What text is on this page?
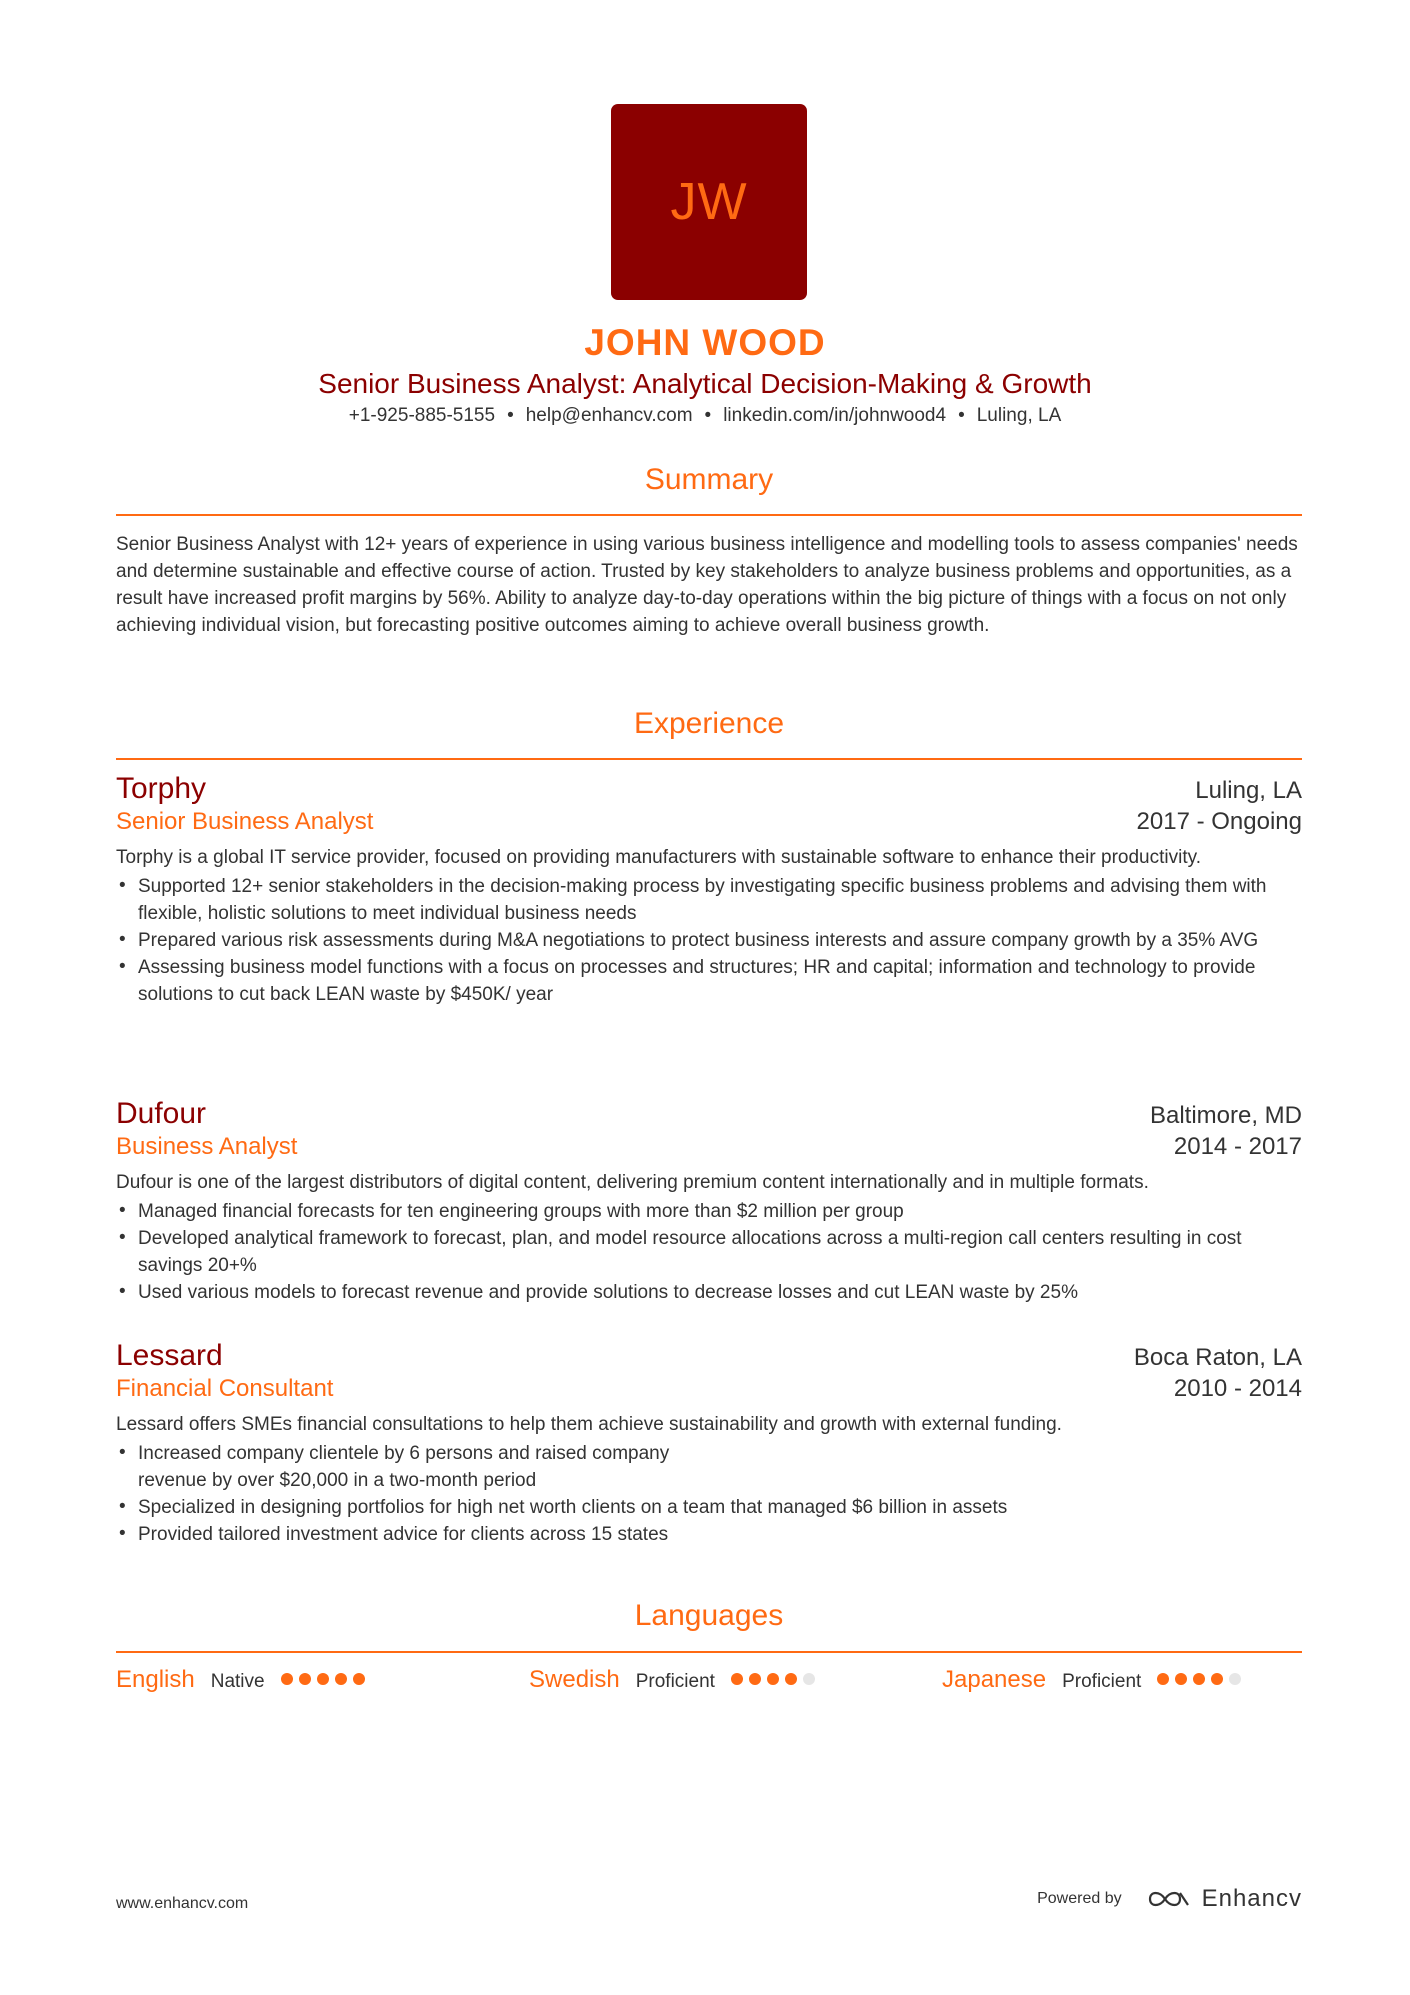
JW
JOHN WOOD
Senior Business Analyst: Analytical Decision-Making & Growth
+1-925-885-5155 • help@enhancv.com • linkedin.com/in/johnwood4 • Luling, LA
Summary
Senior Business Analyst with 12+ years of experience in using various business intelligence and modelling tools to assess companies' needs and determine sustainable and effective course of action. Trusted by key stakeholders to analyze business problems and opportunities, as a result have increased profit margins by 56%. Ability to analyze day-to-day operations within the big picture of things with a focus on not only achieving individual vision, but forecasting positive outcomes aiming to achieve overall business growth.
Experience
Torphy	Luling, LA
Senior Business Analyst	2017 - Ongoing
Torphy is a global IT service provider, focused on providing manufacturers with sustainable software to enhance their productivity.
• Supported 12+ senior stakeholders in the decision-making process by investigating specific business problems and advising them with flexible, holistic solutions to meet individual business needs
• Prepared various risk assessments during M&A negotiations to protect business interests and assure company growth by a 35% AVG
• Assessing business model functions with a focus on processes and structures; HR and capital; information and technology to provide solutions to cut back LEAN waste by $450K/ year
Dufour	Baltimore, MD
Business Analyst	2014 - 2017
Dufour is one of the largest distributors of digital content, delivering premium content internationally and in multiple formats.
• Managed financial forecasts for ten engineering groups with more than $2 million per group
• Developed analytical framework to forecast, plan, and model resource allocations across a multi-region call centers resulting in cost savings 20+%
• Used various models to forecast revenue and provide solutions to decrease losses and cut LEAN waste by 25%
Lessard	Boca Raton, LA
Financial Consultant	2010 - 2014
Lessard offers SMEs financial consultations to help them achieve sustainability and growth with external funding.
• Increased company clientele by 6 persons and raised company revenue by over $20,000 in a two-month period
• Specialized in designing portfolios for high net worth clients on a team that managed $6 billion in assets
• Provided tailored investment advice for clients across 15 states
Languages
English Native	Swedish Proficient	Japanese Proficient
www.enhancv.com	Powered by	Enhancv
